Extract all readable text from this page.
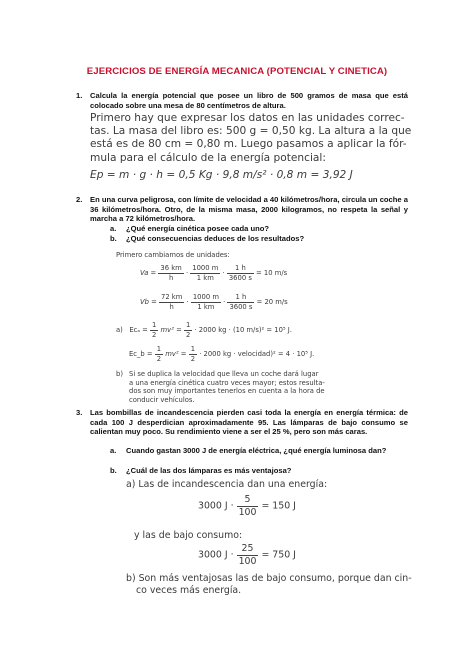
EJERCICIOS DE ENERGÍA MECANICA (POTENCIAL Y CINETICA)
1. Calcula la energía potencial que posee un libro de 500 gramos de masa que está colocado sobre una mesa de 80 centímetros de altura.
Primero hay que expresar los datos en las unidades correc-
tas. La masa del libro es: 500 g = 0,50 kg. La altura a la que
está es de 80 cm = 0,80 m. Luego pasamos a aplicar la fór-
mula para el cálculo de la energía potencial:
Ep = m · g · h = 0,5 Kg · 9,8 m/s² · 0,8 m = 3,92 J
2. En una curva peligrosa, con límite de velocidad a 40 kilómetros/hora, circula un coche a 36 kilómetros/hora. Otro, de la misma masa, 2000 kilogramos, no respeta la señal y marcha a 72 kilómetros/hora.
a. ¿Qué energía cinética posee cada uno?
b. ¿Qué consecuencias deduces de los resultados?
Primero cambiamos de unidades:
$Va = \frac{36 km}{h} \cdot \frac{1000 m}{1 km} \cdot \frac{1 h}{3600 s} = 10$ m/s
$Vb = \frac{72 km}{h} \cdot \frac{1000 m}{1 km} \cdot \frac{1 h}{3600 s} = 20$ m/s
a) $Ec_a = \frac{1}{2} mv^2 = \frac{1}{2} \cdot 2000$ kg · (10 m/s)² = 10⁵ J.
Ec_b = $\frac{1}{2} mv^2 = \frac{1}{2} \cdot 2000$ kg · velocidad)² = 4 · 10⁵ J.
b) Si se duplica la velocidad que lleva un coche dará lugar
a una energía cinética cuatro veces mayor; estos resulta-
dos son muy importantes tenerlos en cuenta a la hora de
conducir vehículos.
3. Las bombillas de incandescencia pierden casi toda la energía en energía térmica: de cada 100 J desperdician aproximadamente 95. Las lámparas de bajo consumo se calientan muy poco. Su rendimiento viene a ser el 25 %, pero son más caras.
a. Cuando gastan 3000 J de energía eléctrica, ¿qué energía luminosa dan?
b. ¿Cuál de las dos lámparas es más ventajosa?
a) Las de incandescencia dan una energía:
3000 $J \cdot \frac{5}{100} = 150$ J
y las de bajo consumo:
3000 $J \cdot \frac{25}{100} = 750$ J
b) Son más ventajosas las de bajo consumo, porque dan cin-
co veces más energía.
